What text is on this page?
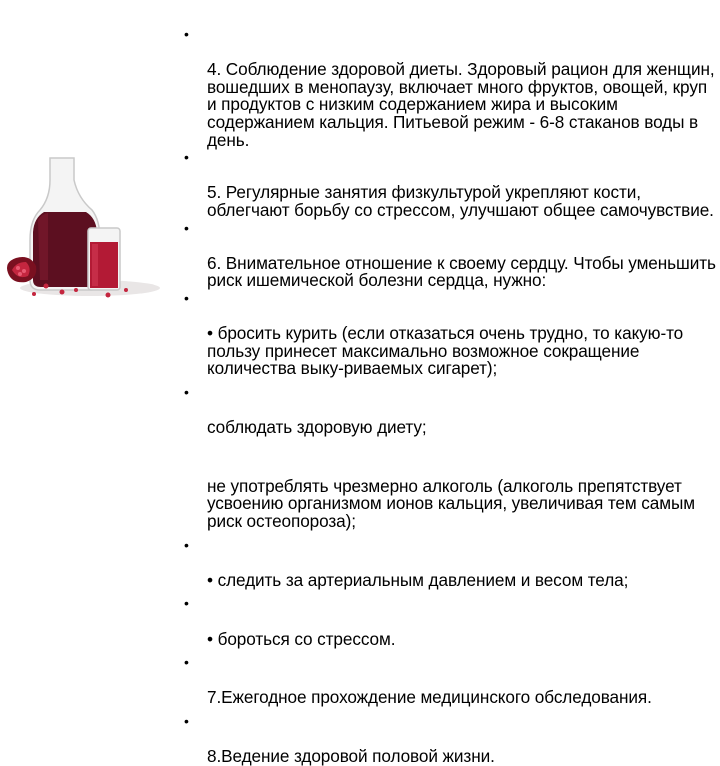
•

4. Соблюдение здоровой диеты. Здоровый рацион для женщин, вошедших в менопаузу, включает много фруктов, овощей, круп и продуктов с низким содержанием жира и высоким содержанием кальция. Питьевой режим - 6-8 стаканов воды в день.

•

5. Регулярные занятия физкультурой укрепляют кости, облегчают борьбу со стрессом, улучшают общее самочувствие.

•

6. Внимательное отношение к своему сердцу. Чтобы уменьшить риск ишемической болезни сердца, нужно:

•

• бросить курить (если отказаться очень трудно, то какую-то пользу принесет максимально возможное сокращение количества выку-риваемых сигарет);

•

соблюдать здоровую диету;

не употреблять чрезмерно алкоголь (алкоголь препятствует усвоению организмом ионов кальция, увеличивая тем самым риск остеопороза);

•

• следить за артериальным давлением и весом тела;

•

• бороться со стрессом.

•

7.Ежегодное прохождение медицинского обследования.

•

8.Ведение здоровой половой жизни.
